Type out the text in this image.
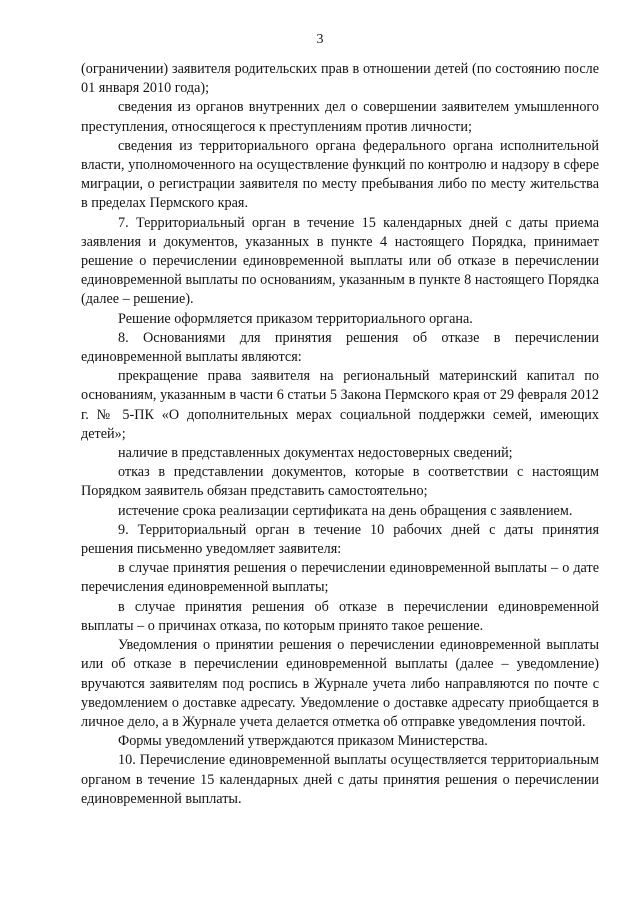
3

(ограничении) заявителя родительских прав в отношении детей (по состоянию после 01 января 2010 года);

сведения из органов внутренних дел о совершении заявителем умышленного преступления, относящегося к преступлениям против личности;

сведения из территориального органа федерального органа исполнительной власти, уполномоченного на осуществление функций по контролю и надзору в сфере миграции, о регистрации заявителя по месту пребывания либо по месту жительства в пределах Пермского края.

7. Территориальный орган в течение 15 календарных дней с даты приема заявления и документов, указанных в пункте 4 настоящего Порядка, принимает решение о перечислении единовременной выплаты или об отказе в перечислении единовременной выплаты по основаниям, указанным в пункте 8 настоящего Порядка (далее – решение).

Решение оформляется приказом территориального органа.

8. Основаниями для принятия решения об отказе в перечислении единовременной выплаты являются:

прекращение права заявителя на региональный материнский капитал по основаниям, указанным в части 6 статьи 5 Закона Пермского края от 29 февраля 2012 г. № 5-ПК «О дополнительных мерах социальной поддержки семей, имеющих детей»;

наличие в представленных документах недостоверных сведений;

отказ в представлении документов, которые в соответствии с настоящим Порядком заявитель обязан представить самостоятельно;

истечение срока реализации сертификата на день обращения с заявлением.

9. Территориальный орган в течение 10 рабочих дней с даты принятия решения письменно уведомляет заявителя:

в случае принятия решения о перечислении единовременной выплаты – о дате перечисления единовременной выплаты;

в случае принятия решения об отказе в перечислении единовременной выплаты – о причинах отказа, по которым принято такое решение.

Уведомления о принятии решения о перечислении единовременной выплаты или об отказе в перечислении единовременной выплаты (далее – уведомление) вручаются заявителям под роспись в Журнале учета либо направляются по почте с уведомлением о доставке адресату. Уведомление о доставке адресату приобщается в личное дело, а в Журнале учета делается отметка об отправке уведомления почтой.

Формы уведомлений утверждаются приказом Министерства.

10. Перечисление единовременной выплаты осуществляется территориальным органом в течение 15 календарных дней с даты принятия решения о перечислении единовременной выплаты.
